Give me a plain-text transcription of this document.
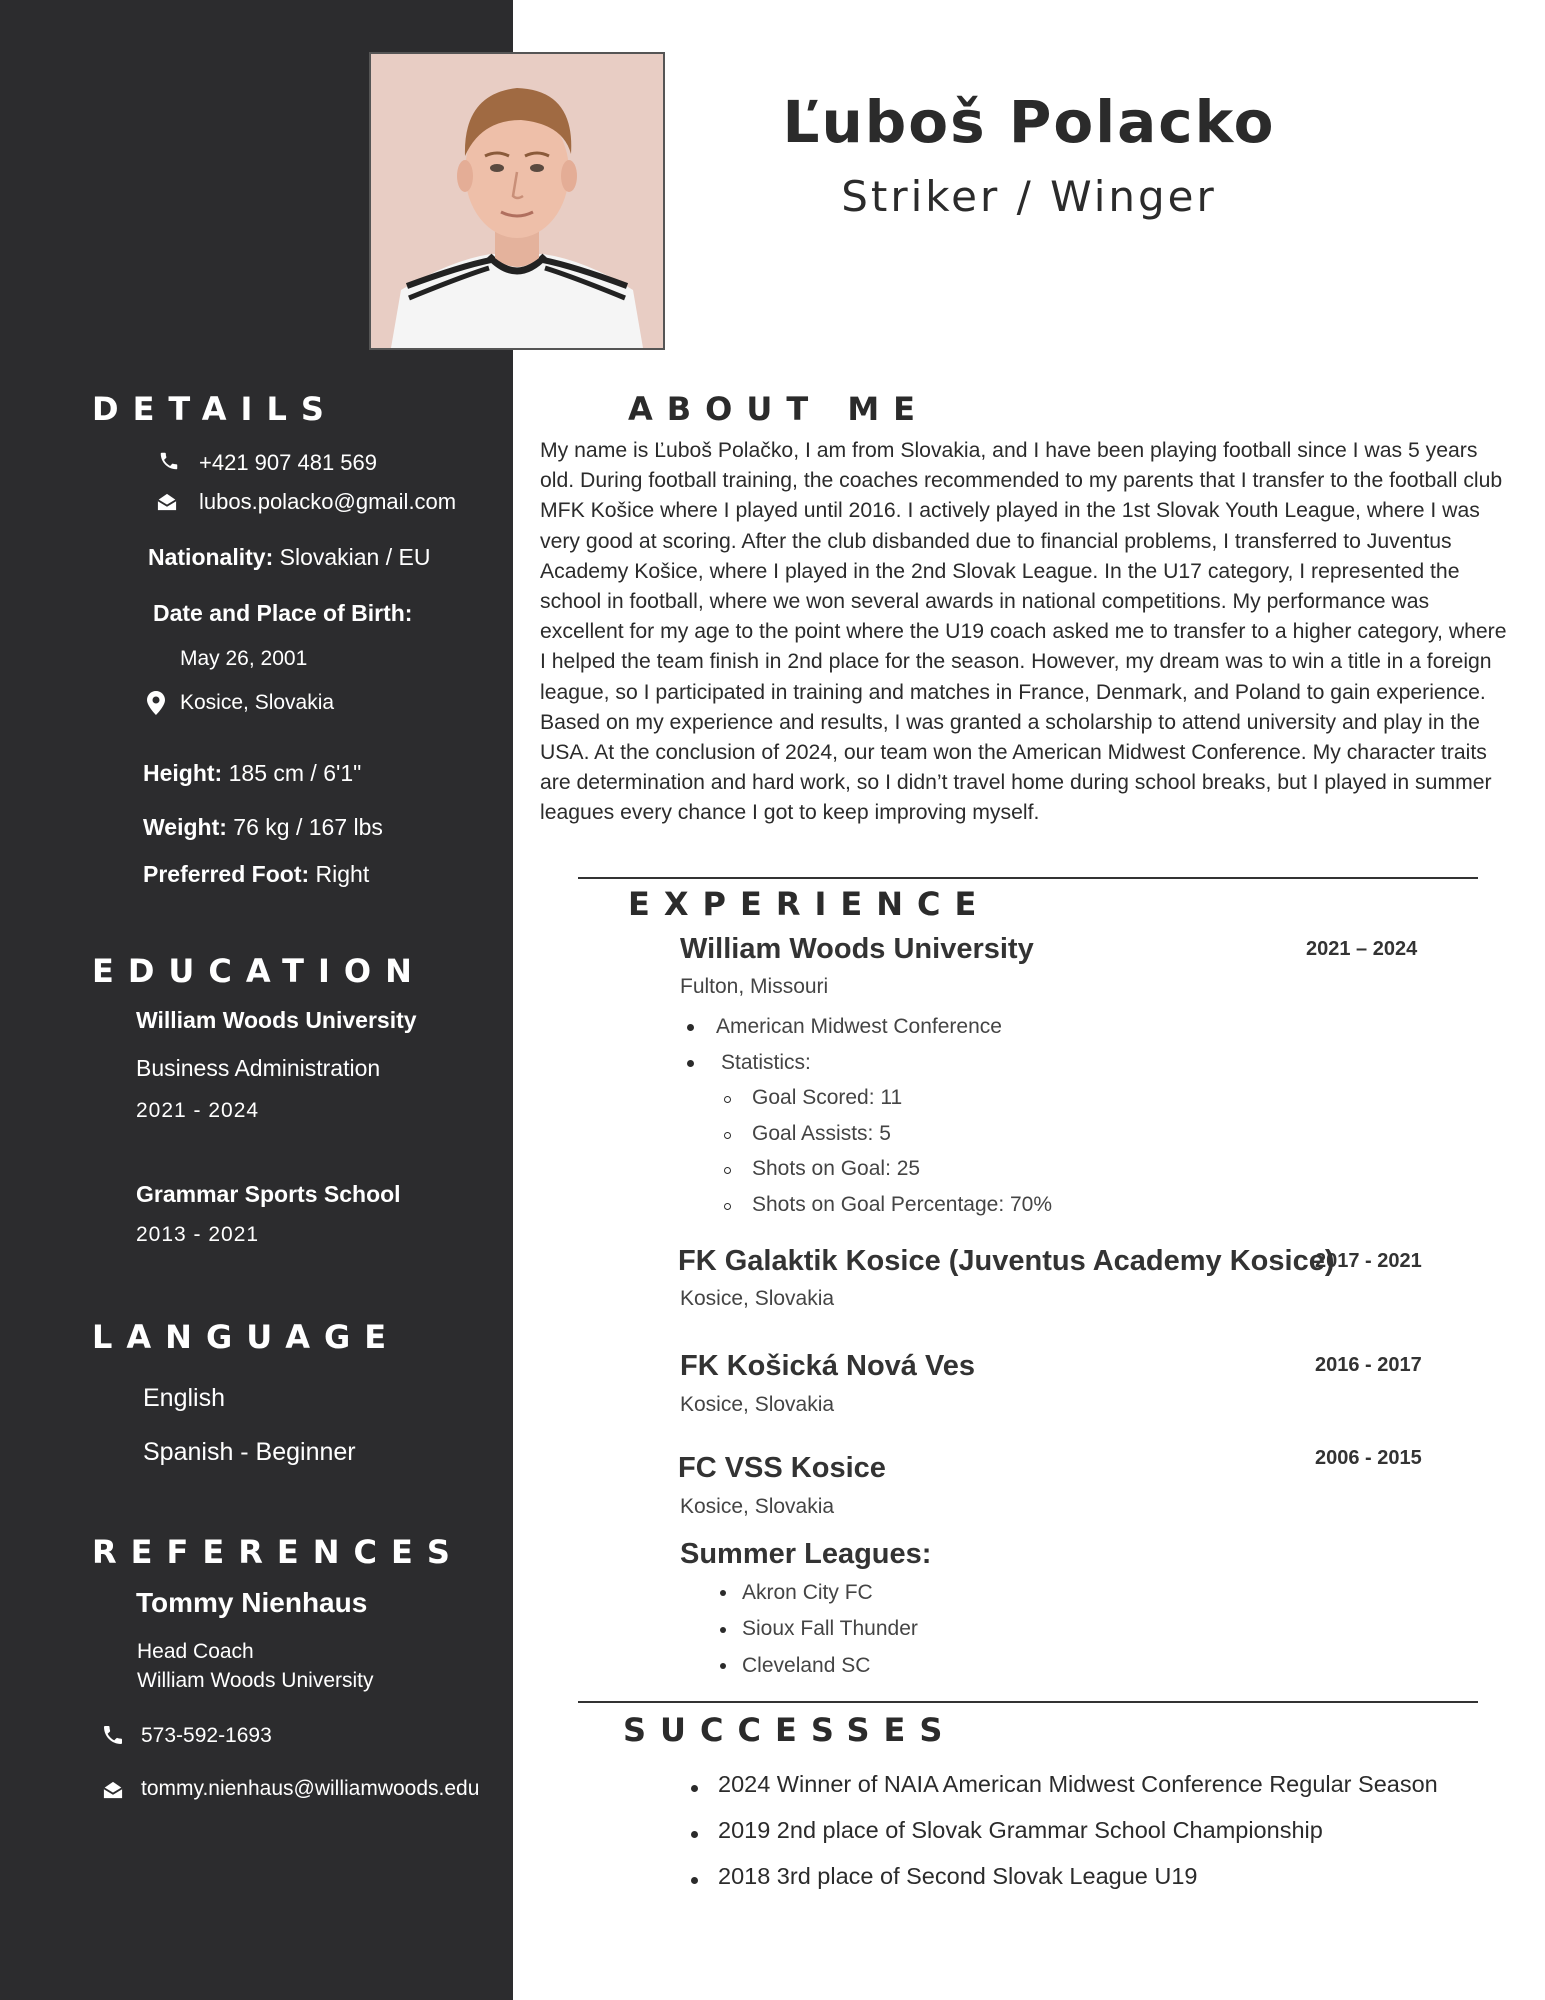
DETAILS
+421 907 481 569
lubos.polacko@gmail.com
Nationality: Slovakian / EU
Date and Place of Birth:
May 26, 2001
Kosice, Slovakia
Height: 185 cm / 6'1"
Weight: 76 kg / 167 lbs
Preferred Foot: Right
EDUCATION
William Woods University
Business Administration
2021 - 2024
Grammar Sports School
2013 - 2021
LANGUAGE
English
Spanish - Beginner
REFERENCES
Tommy Nienhaus
Head Coach
William Woods University
573-592-1693
tommy.nienhaus@williamwoods.edu
Ľuboš Polacko
Striker / Winger
ABOUT ME
My name is Ľuboš Polačko, I am from Slovakia, and I have been playing football since I was 5 years old. During football training, the coaches recommended to my parents that I transfer to the football club MFK Košice where I played until 2016. I actively played in the 1st Slovak Youth League, where I was very good at scoring. After the club disbanded due to financial problems, I transferred to Juventus Academy Košice, where I played in the 2nd Slovak League. In the U17 category, I represented the school in football, where we won several awards in national competitions. My performance was excellent for my age to the point where the U19 coach asked me to transfer to a higher category, where I helped the team finish in 2nd place for the season. However, my dream was to win a title in a foreign league, so I participated in training and matches in France, Denmark, and Poland to gain experience. Based on my experience and results, I was granted a scholarship to attend university and play in the USA. At the conclusion of 2024, our team won the American Midwest Conference. My character traits are determination and hard work, so I didn’t travel home during school breaks, but I played in summer leagues every chance I got to keep improving myself.
EXPERIENCE
William Woods University	2021 – 2024
Fulton, Missouri
American Midwest Conference
Statistics:
Goal Scored: 11
Goal Assists: 5
Shots on Goal: 25
Shots on Goal Percentage: 70%
FK Galaktik Kosice (Juventus Academy Kosice)
2017 - 2021
Kosice, Slovakia
FK Košická Nová Ves	2016 - 2017
Kosice, Slovakia
FC VSS Kosice	2006 - 2015
Kosice, Slovakia
Summer Leagues:
Akron City FC
Sioux Fall Thunder
Cleveland SC
SUCCESSES
2024 Winner of NAIA American Midwest Conference Regular Season
2019 2nd place of Slovak Grammar School Championship
2018 3rd place of Second Slovak League U19
